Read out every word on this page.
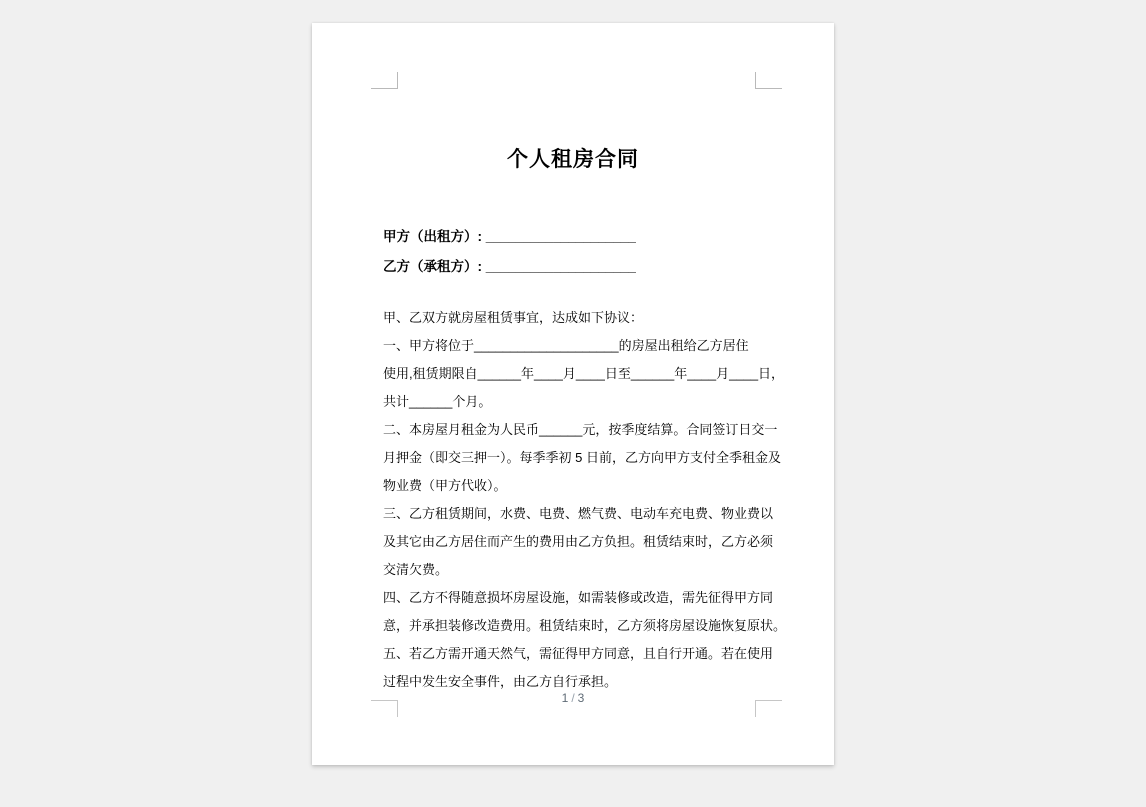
个人租房合同
甲方（出租方）: ____________________
乙方（承租方）: ____________________
甲、乙双方就房屋租赁事宜，达成如下协议：
一、甲方将位于____________________的房屋出租给乙方居住
使用,租赁期限自______年____月____日至______年____月____日，
共计______个月。
二、本房屋月租金为人民币______元，按季度结算。合同签订日交一
月押金（即交三押一）。每季季初 5 日前，乙方向甲方支付全季租金及
物业费（甲方代收）。
三、乙方租赁期间，水费、电费、燃气费、电动车充电费、物业费以
及其它由乙方居住而产生的费用由乙方负担。租赁结束时，乙方必须
交清欠费。
四、乙方不得随意损坏房屋设施，如需装修或改造，需先征得甲方同
意，并承担装修改造费用。租赁结束时，乙方须将房屋设施恢复原状。
五、若乙方需开通天然气，需征得甲方同意，且自行开通。若在使用
过程中发生安全事件，由乙方自行承担。
1 / 3
